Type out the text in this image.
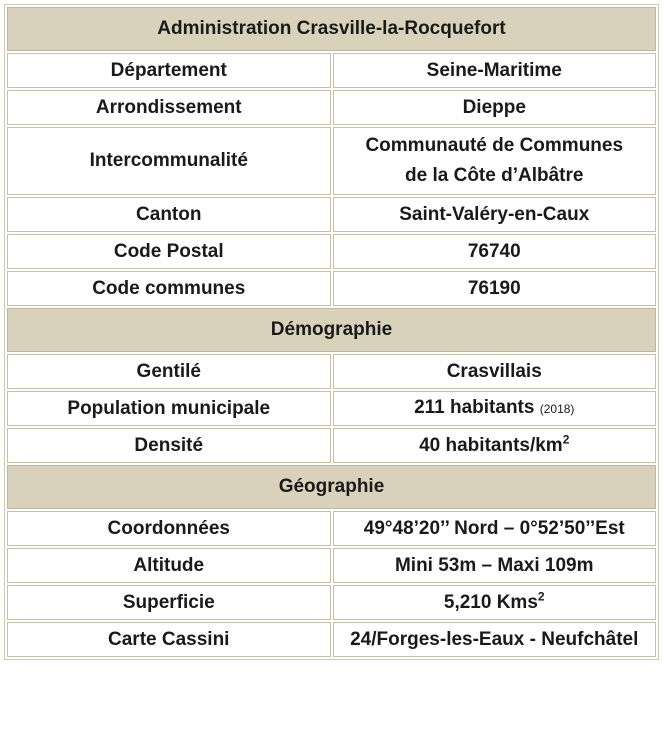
Administration Crasville-la-Rocquefort	
Département	Seine-Maritime
Arrondissement	Dieppe
Intercommunalité	Communauté de Communes
de la Côte d’Albâtre

Canton	Saint-Valéry-en-Caux
Code Postal	76740
Code communes	76190
Démographie	
Gentilé	Crasvillais
Population municipale	211 habitants (2018)
Densité	40 habitants/$km^2$
Géographie	
Coordonnées	49°48’20’’ Nord – 0°52’50’’Est
Altitude	Mini 53m – Maxi 109m
Superficie	5,210 Kms$^2$
Carte Cassini	24/Forges-les-Eaux - Neufchâtel
